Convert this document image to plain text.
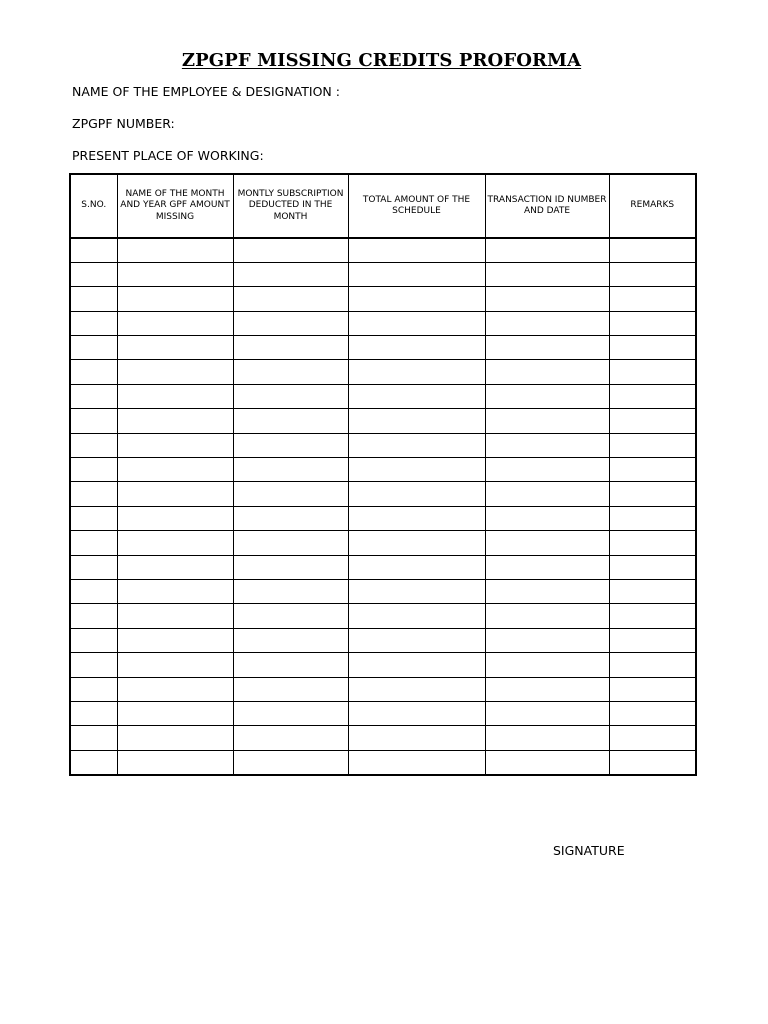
ZPGPF MISSING CREDITS PROFORMA
NAME OF THE EMPLOYEE & DESIGNATION :
ZPGPF NUMBER:
PRESENT PLACE OF WORKING:
S.NO.	NAME OF THE MONTH AND YEAR GPF AMOUNT MISSING	MONTLY SUBSCRIPTION DEDUCTED IN THE MONTH	TOTAL AMOUNT OF THE SCHEDULE	TRANSACTION ID NUMBER AND DATE	REMARKS

SIGNATURE
